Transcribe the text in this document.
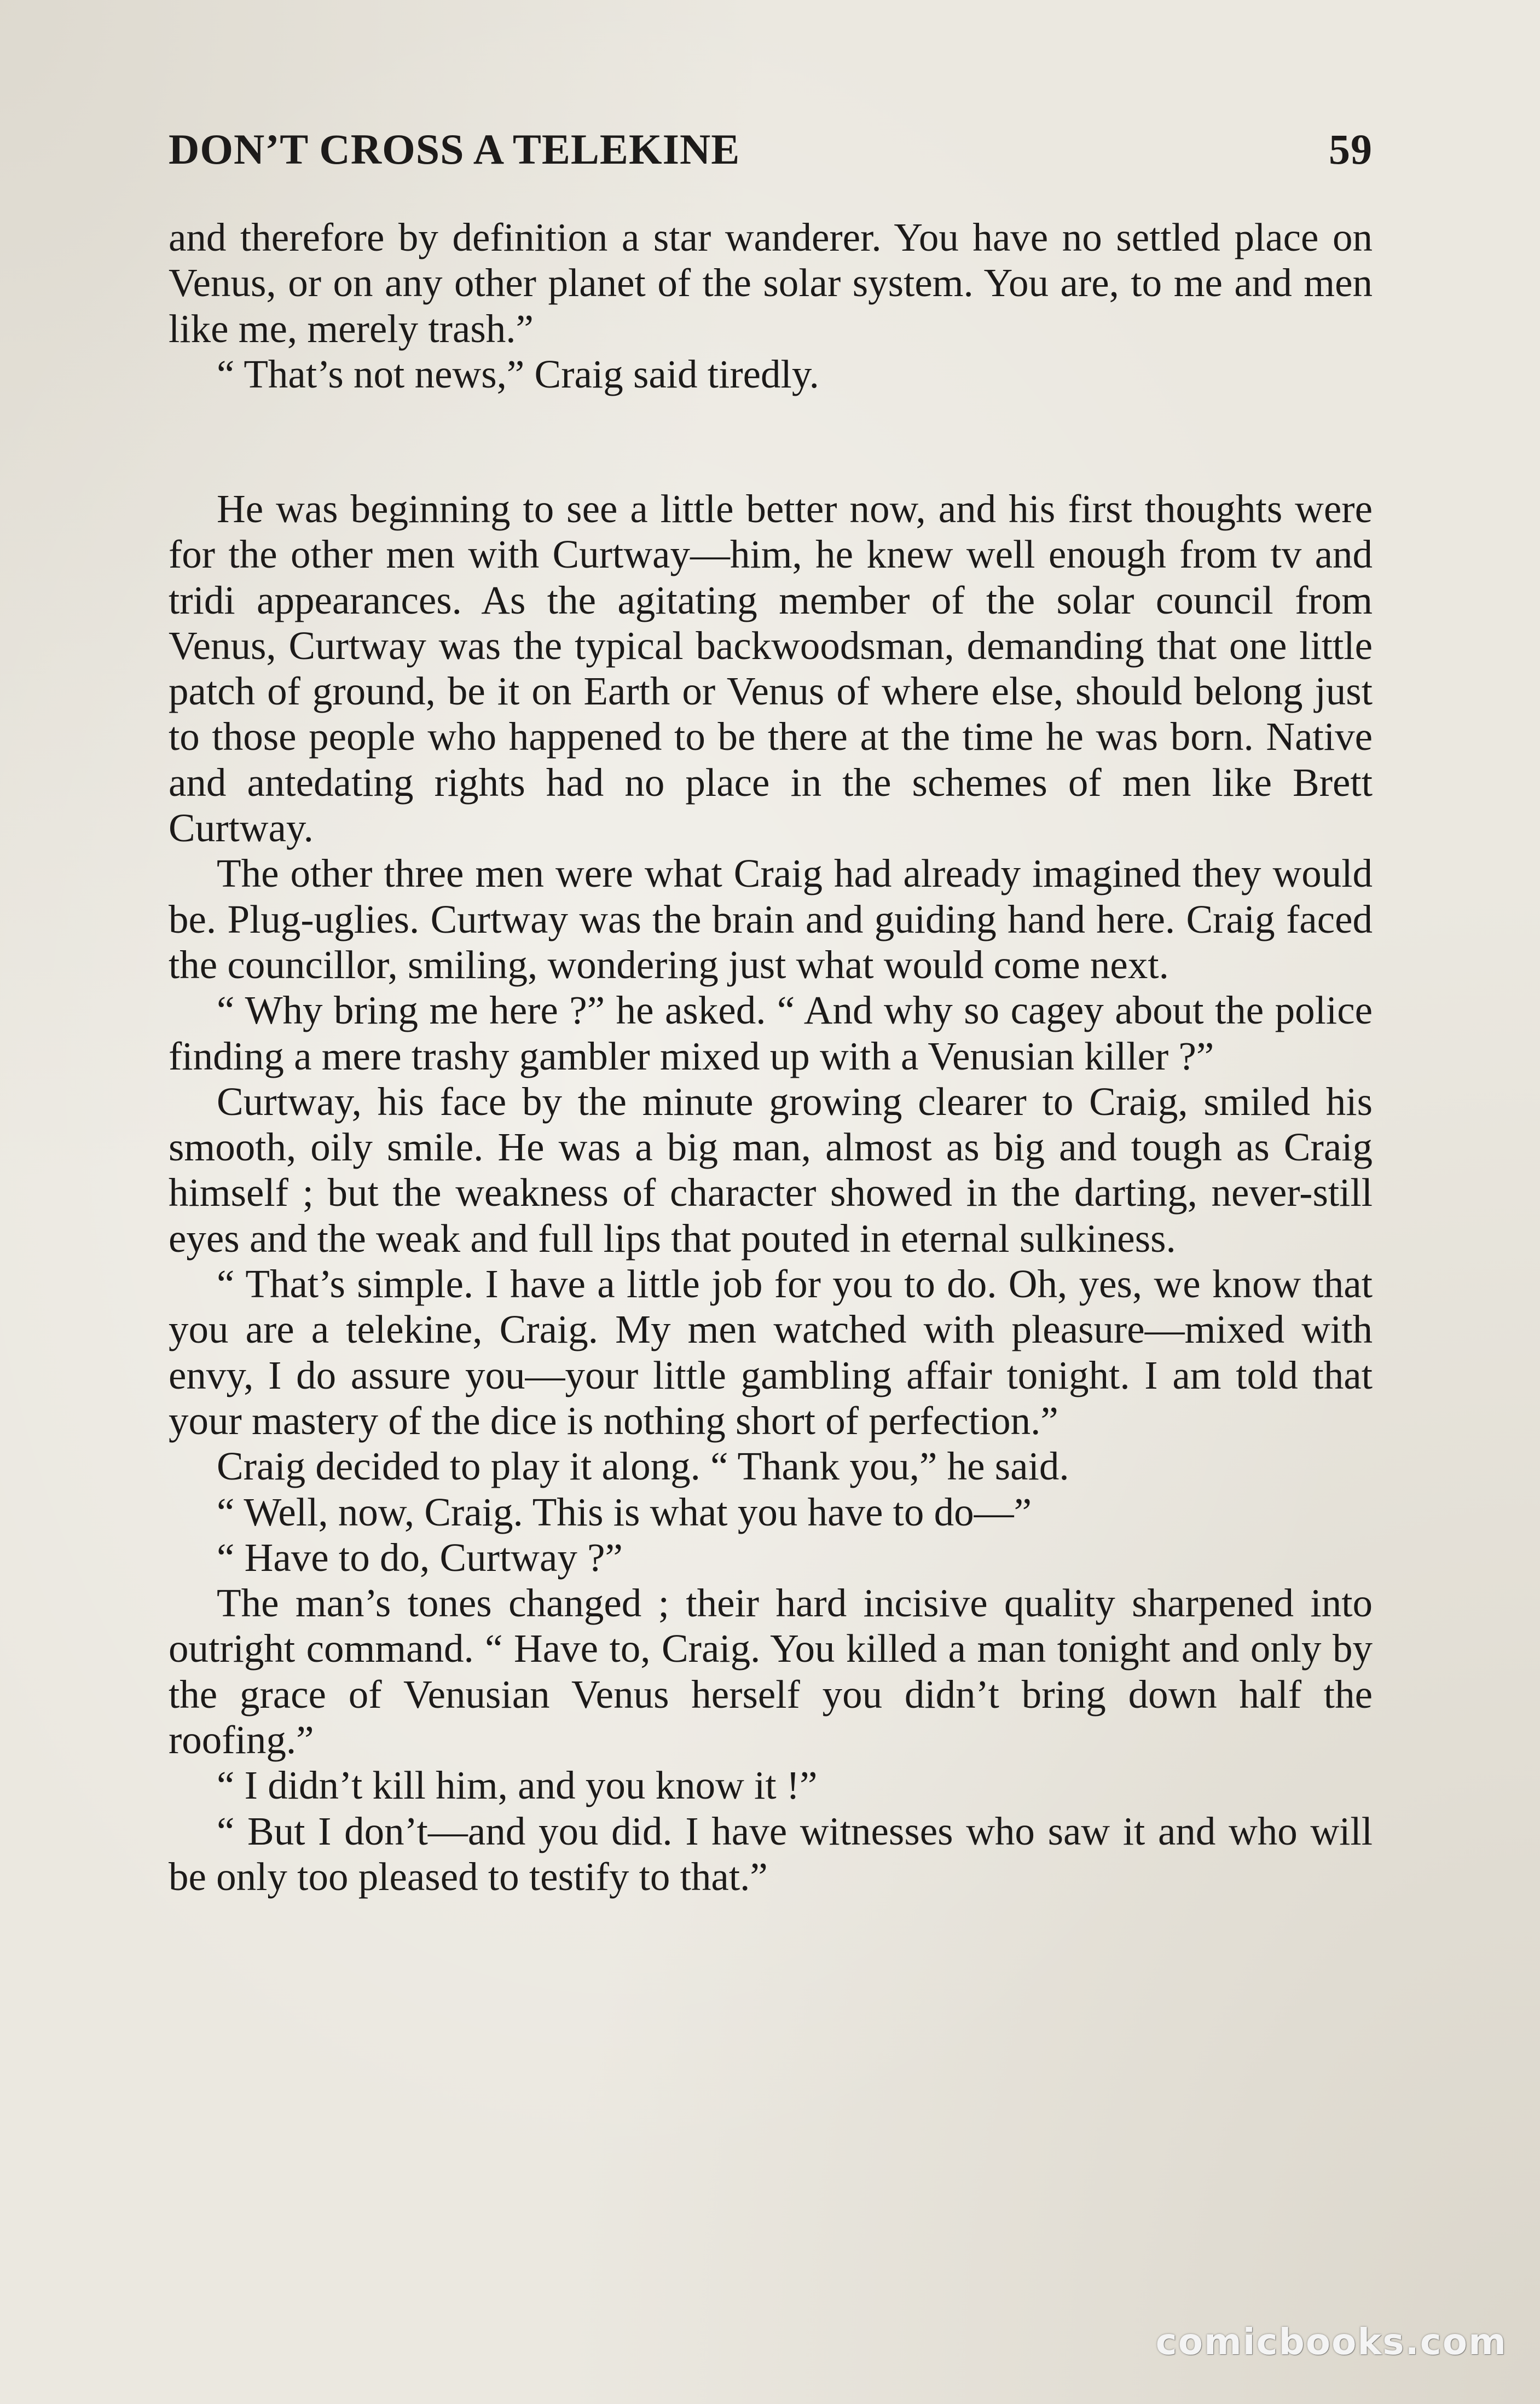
DON’T CROSS A TELEKINE	59

and therefore by definition a star wanderer. You have no settled place on Venus, or on any other planet of the solar system. You are, to me and men like me, merely trash.”

“ That’s not news,” Craig said tiredly.

He was beginning to see a little better now, and his first thoughts were for the other men with Curtway—him, he knew well enough from tv and tridi appearances. As the agitating member of the solar council from Venus, Curtway was the typical backwoodsman, demanding that one little patch of ground, be it on Earth or Venus of where else, should belong just to those people who happened to be there at the time he was born. Native and antedating rights had no place in the schemes of men like Brett Curtway.

The other three men were what Craig had already imagined they would be. Plug-uglies. Curtway was the brain and guiding hand here. Craig faced the councillor, smiling, wondering just what would come next.

“ Why bring me here ?” he asked. “ And why so cagey about the police finding a mere trashy gambler mixed up with a Venusian killer ?”

Curtway, his face by the minute growing clearer to Craig, smiled his smooth, oily smile. He was a big man, almost as big and tough as Craig himself ; but the weakness of character showed in the darting, never-still eyes and the weak and full lips that pouted in eternal sulkiness.

“ That’s simple. I have a little job for you to do. Oh, yes, we know that you are a telekine, Craig. My men watched with pleasure—mixed with envy, I do assure you—your little gambling affair tonight. I am told that your mastery of the dice is nothing short of perfection.”

Craig decided to play it along. “ Thank you,” he said.

“ Well, now, Craig. This is what you have to do—”

“ Have to do, Curtway ?”

The man’s tones changed ; their hard incisive quality sharpened into outright command. “ Have to, Craig. You killed a man tonight and only by the grace of Venusian Venus herself you didn’t bring down half the roofing.”

“ I didn’t kill him, and you know it !”

“ But I don’t—and you did. I have witnesses who saw it and who will be only too pleased to testify to that.”

comicbooks.com
